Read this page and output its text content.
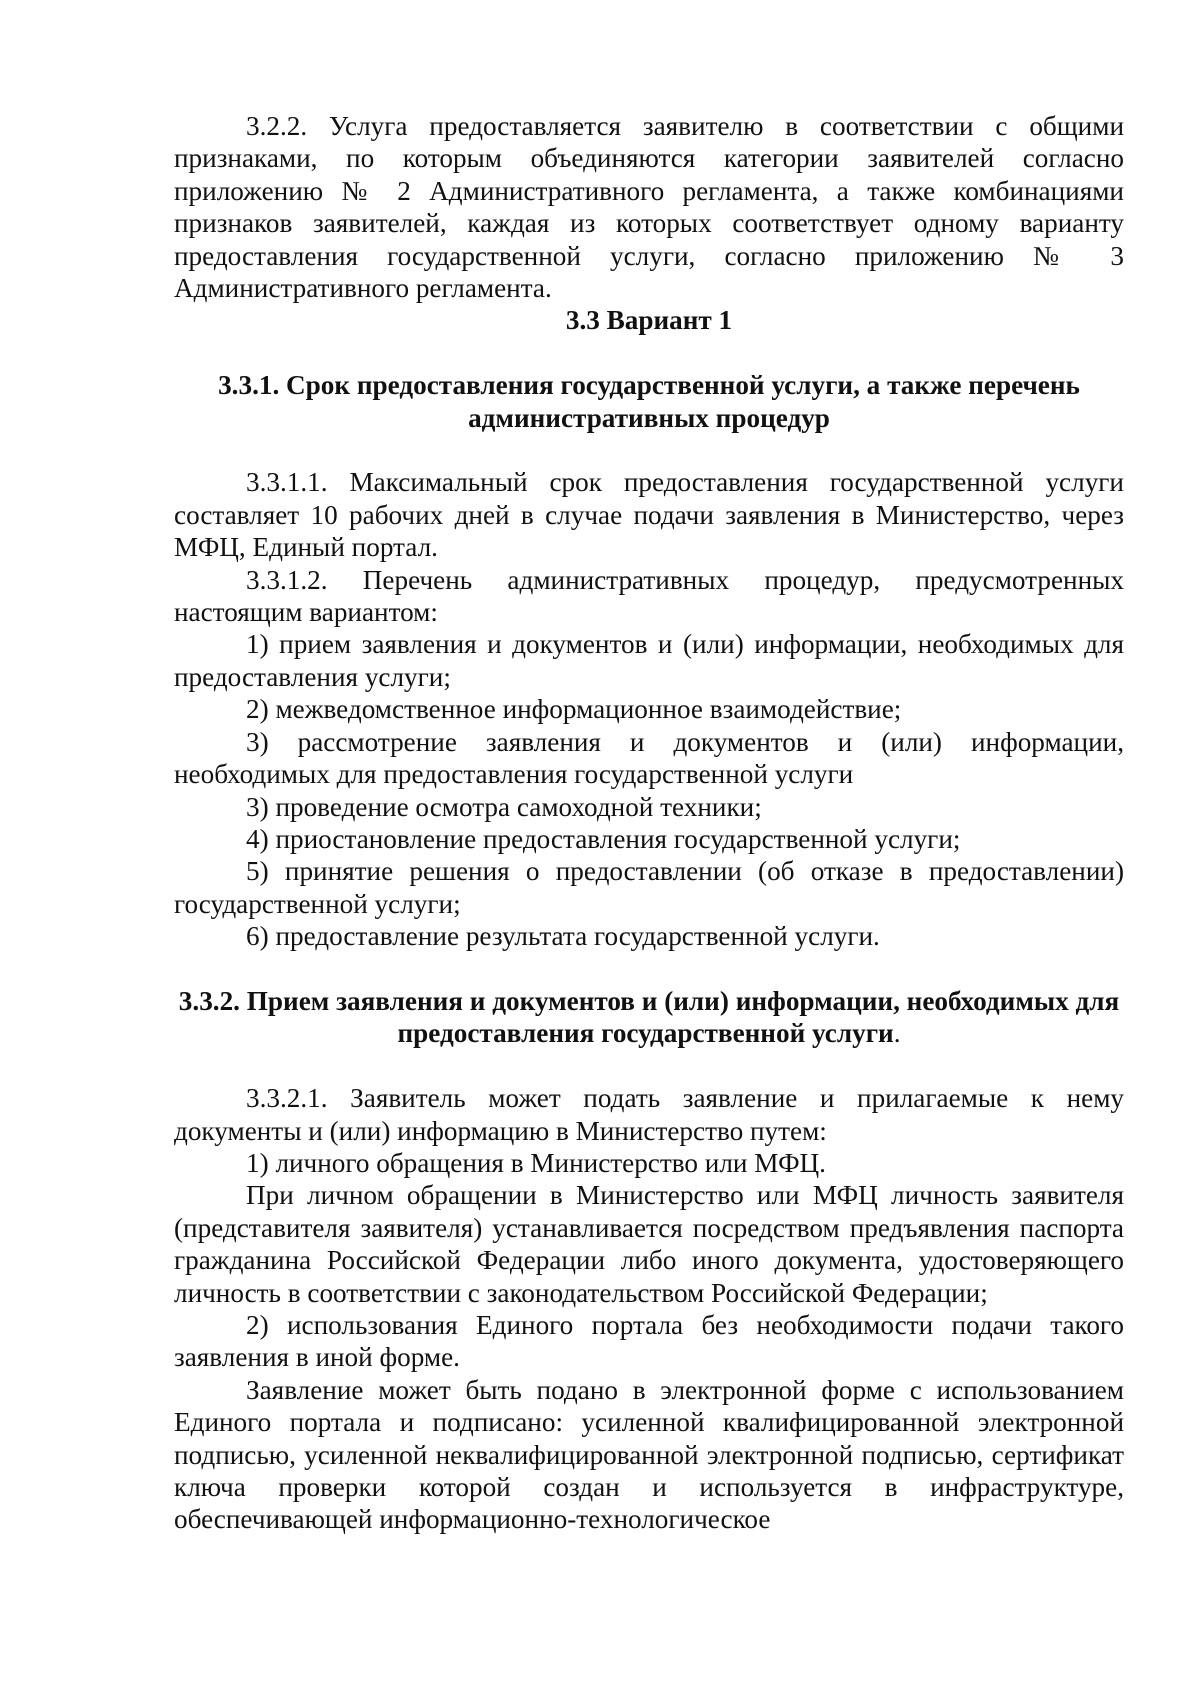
3.2.2. Услуга предоставляется заявителю в соответствии с общими признаками, по которым объединяются категории заявителей согласно приложению № 2 Административного регламента, а также комбинациями признаков заявителей, каждая из которых соответствует одному варианту предоставления государственной услуги, согласно приложению № 3 Административного регламента.

3.3 Вариант 1

3.3.1. Срок предоставления государственной услуги, а также перечень административных процедур

3.3.1.1. Максимальный срок предоставления государственной услуги составляет 10 рабочих дней в случае подачи заявления в Министерство, через МФЦ, Единый портал.

3.3.1.2. Перечень административных процедур, предусмотренных настоящим вариантом:

1) прием заявления и документов и (или) информации, необходимых для предоставления услуги;

2) межведомственное информационное взаимодействие;

3) рассмотрение заявления и документов и (или) информации, необходимых для предоставления государственной услуги

3) проведение осмотра самоходной техники;

4) приостановление предоставления государственной услуги;

5) принятие решения о предоставлении (об отказе в предоставлении) государственной услуги;

6) предоставление результата государственной услуги.

3.3.2. Прием заявления и документов и (или) информации, необходимых для предоставления государственной услуги.

3.3.2.1. Заявитель может подать заявление и прилагаемые к нему документы и (или) информацию в Министерство путем:

1) личного обращения в Министерство или МФЦ.

При личном обращении в Министерство или МФЦ личность заявителя (представителя заявителя) устанавливается посредством предъявления паспорта гражданина Российской Федерации либо иного документа, удостоверяющего личность в соответствии с законодательством Российской Федерации;

2) использования Единого портала без необходимости подачи такого заявления в иной форме.

Заявление может быть подано в электронной форме с использованием Единого портала и подписано: усиленной квалифицированной электронной подписью, усиленной неквалифицированной электронной подписью, сертификат ключа проверки которой создан и используется в инфраструктуре, обеспечивающей информационно-технологическое
